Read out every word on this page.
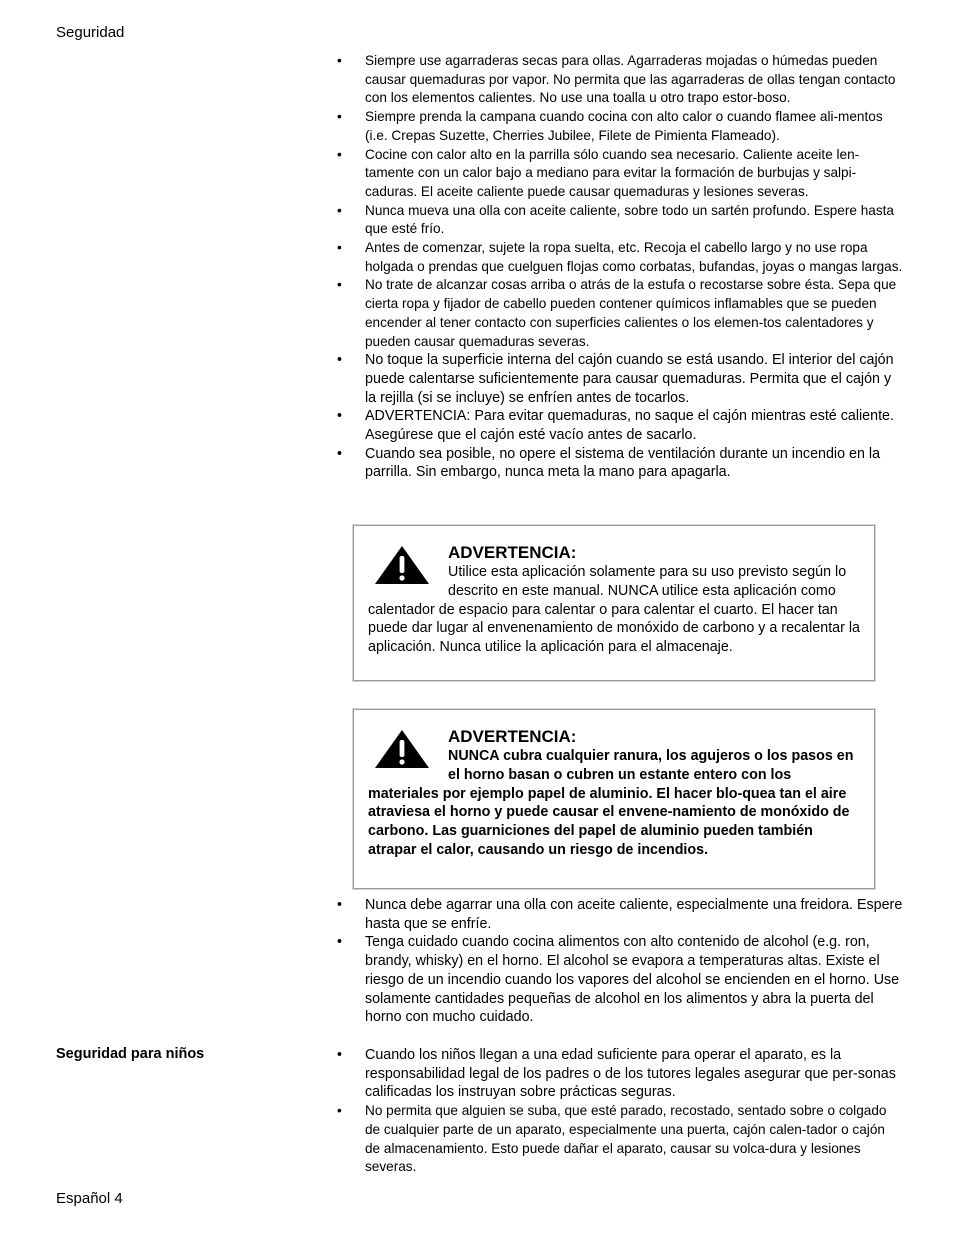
Seguridad
• Siempre use agarraderas secas para ollas. Agarraderas mojadas o húmedas pueden causar quemaduras por vapor. No permita que las agarraderas de ollas tengan contacto con los elementos calientes. No use una toalla u otro trapo estor-boso.
• Siempre prenda la campana cuando cocina con alto calor o cuando flamee ali-mentos (i.e. Crepas Suzette, Cherries Jubilee, Filete de Pimienta Flameado).
• Cocine con calor alto en la parrilla sólo cuando sea necesario. Caliente aceite len-tamente con un calor bajo a mediano para evitar la formación de burbujas y salpi-caduras. El aceite caliente puede causar quemaduras y lesiones severas.
• Nunca mueva una olla con aceite caliente, sobre todo un sartén profundo. Espere hasta que esté frío.
• Antes de comenzar, sujete la ropa suelta, etc. Recoja el cabello largo y no use ropa holgada o prendas que cuelguen flojas como corbatas, bufandas, joyas o mangas largas.
• No trate de alcanzar cosas arriba o atrás de la estufa o recostarse sobre ésta. Sepa que cierta ropa y fijador de cabello pueden contener químicos inflamables que se pueden encender al tener contacto con superficies calientes o los elemen-tos calentadores y pueden causar quemaduras severas.
• No toque la superficie interna del cajón cuando se está usando. El interior del cajón puede calentarse suficientemente para causar quemaduras. Permita que el cajón y la rejilla (si se incluye) se enfríen antes de tocarlos.
• ADVERTENCIA: Para evitar quemaduras, no saque el cajón mientras esté caliente. Asegúrese que el cajón esté vacío antes de sacarlo.
• Cuando sea posible, no opere el sistema de ventilación durante un incendio en la parrilla. Sin embargo, nunca meta la mano para apagarla.
ADVERTENCIA:
Utilice esta aplicación solamente para su uso previsto según lo descrito en este manual. NUNCA utilice esta aplicación como calentador de espacio para calentar o para calentar el cuarto. El hacer tan puede dar lugar al envenenamiento de monóxido de carbono y a recalentar la aplicación. Nunca utilice la aplicación para el almacenaje.
ADVERTENCIA:
NUNCA cubra cualquier ranura, los agujeros o los pasos en el horno basan o cubren un estante entero con los materiales por ejemplo papel de aluminio. El hacer blo-quea tan el aire atraviesa el horno y puede causar el envene-namiento de monóxido de carbono. Las guarniciones del papel de aluminio pueden también atrapar el calor, causando un riesgo de incendios.
• Nunca debe agarrar una olla con aceite caliente, especialmente una freidora. Espere hasta que se enfríe.
• Tenga cuidado cuando cocina alimentos con alto contenido de alcohol (e.g. ron, brandy, whisky) en el horno. El alcohol se evapora a temperaturas altas. Existe el riesgo de un incendio cuando los vapores del alcohol se encienden en el horno. Use solamente cantidades pequeñas de alcohol en los alimentos y abra la puerta del horno con mucho cuidado.
Seguridad para niños
•	Cuando los niños llegan a una edad suficiente para operar el aparato, es la responsabilidad legal de los padres o de los tutores legales asegurar que per-sonas calificadas los instruyan sobre prácticas seguras.
• No permita que alguien se suba, que esté parado, recostado, sentado sobre o colgado de cualquier parte de un aparato, especialmente una puerta, cajón calen-tador o cajón de almacenamiento. Esto puede dañar el aparato, causar su volca-dura y lesiones severas.
Español 4
